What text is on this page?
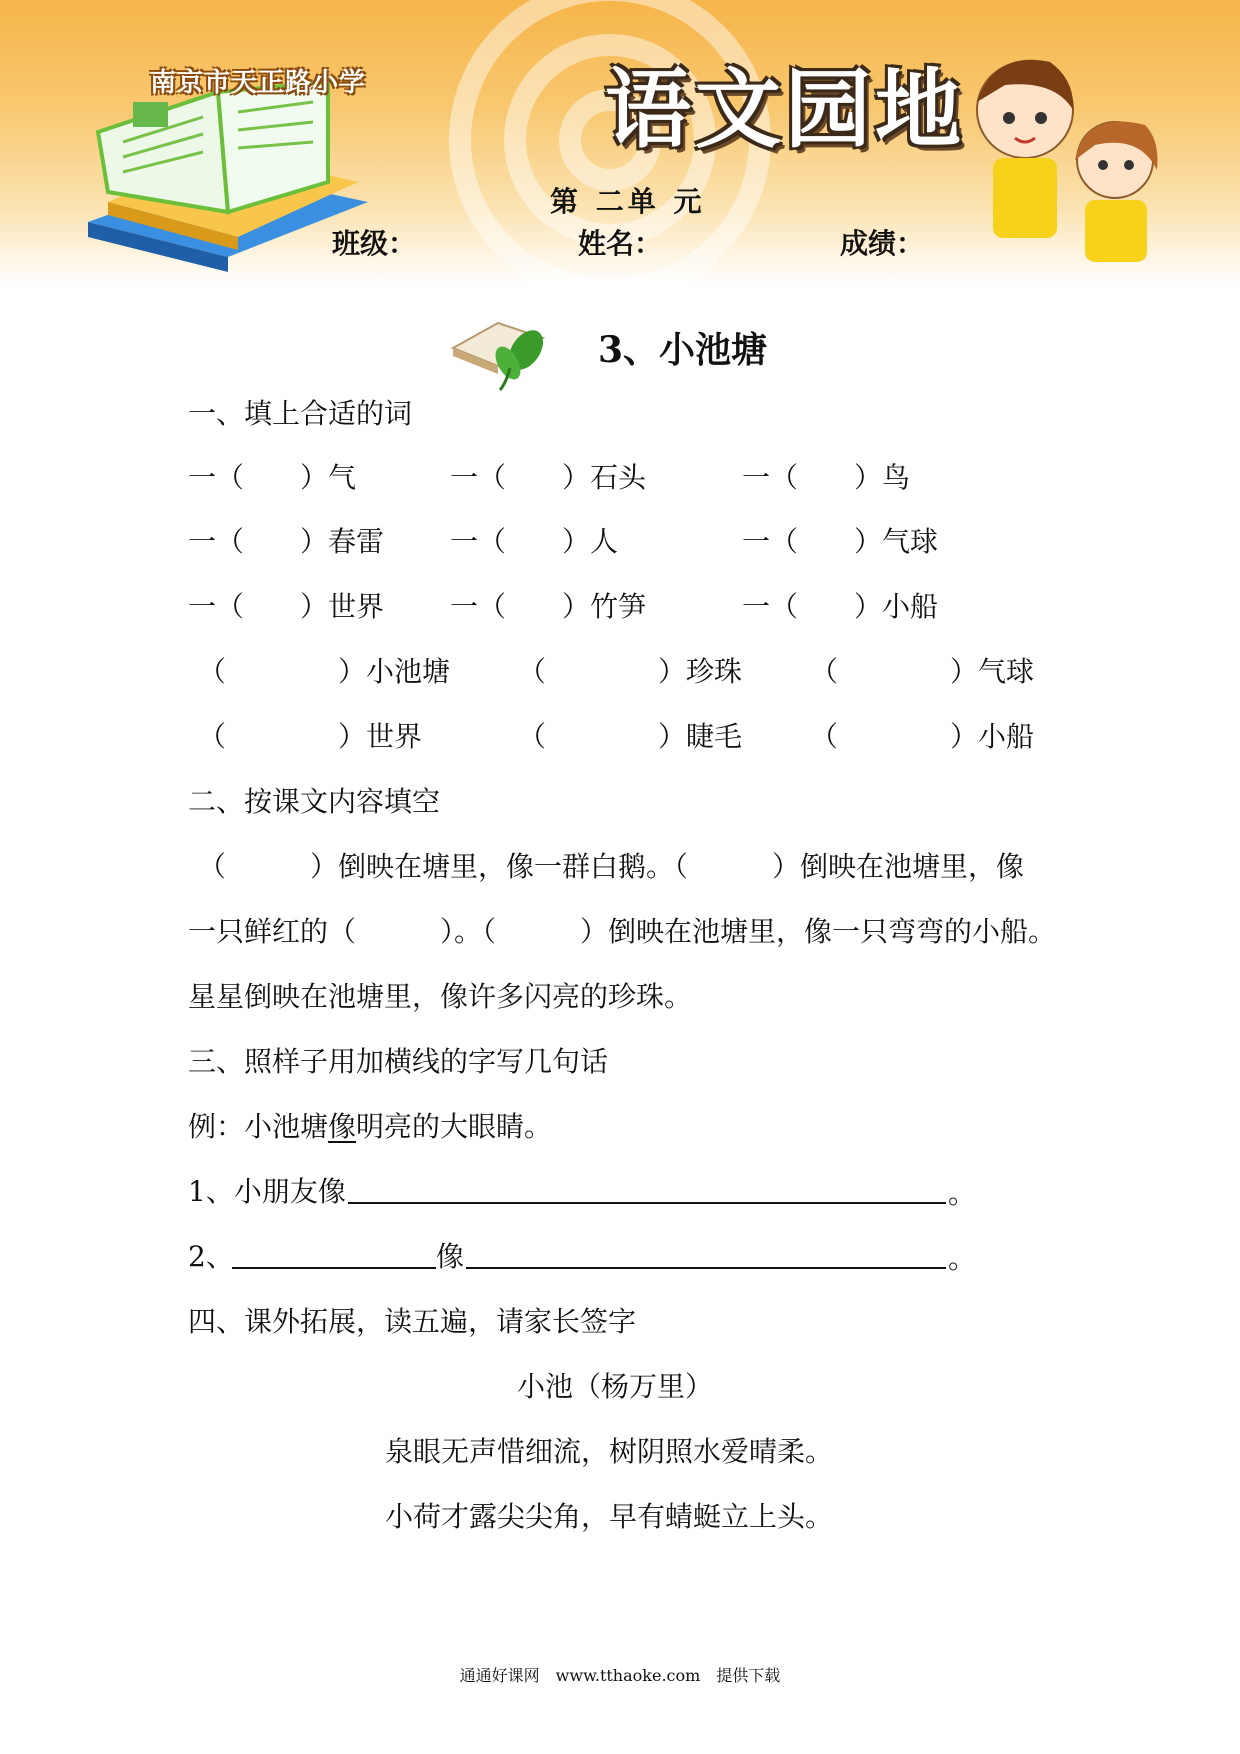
南京市天正路小学	语文园地
第 二单 元
班级：	姓名：	成绩：
3、小池塘
一、填上合适的词
一（　　）气	一（　　）石头	一（　　）鸟
一（　　）春雷 一（　　）人	一（　　）气球
一（　　）世界 一（　　）竹笋	一（　　）小船
（　　　　）小池塘 （　　　　）珍珠 （　　　　）气球
（　　　　）世界	（　　　　）睫毛 （　　　　）小船
二、按课文内容填空
（　　　）倒映在塘里，像一群白鹅。（　　　）倒映在池塘里，像
一只鲜红的（　　　）。（　　　）倒映在池塘里，像一只弯弯的小船。
星星倒映在池塘里，像许多闪亮的珍珠。
三、照样子用加横线的字写几句话
例：小池塘像明亮的大眼睛。
1、小朋友像	。
2、	像	。
四、课外拓展，读五遍，请家长签字
小池（杨万里）
泉眼无声惜细流，树阴照水爱晴柔。
小荷才露尖尖角，早有蜻蜓立上头。
通通好课网　www.tthaoke.com　提供下载
